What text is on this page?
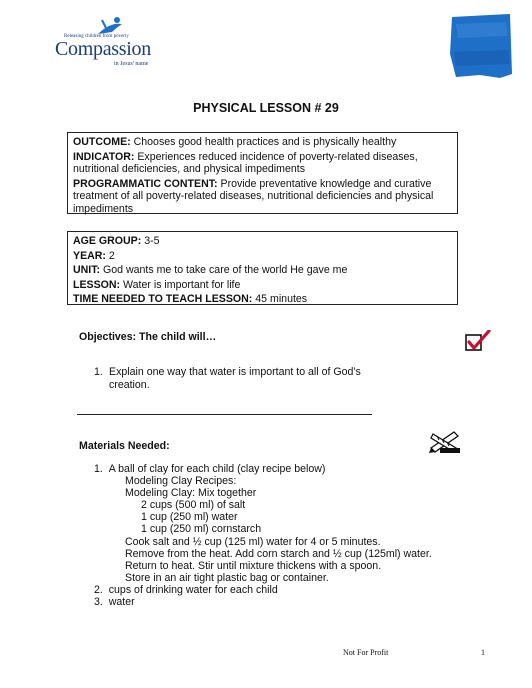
Releasing children from poverty
Compassion
in Jesus' name
PHYSICAL LESSON # 29

OUTCOME: Chooses good health practices and is physically healthy

INDICATOR: Experiences reduced incidence of poverty-related diseases, nutritional deficiencies, and physical impediments

PROGRAMMATIC CONTENT: Provide preventative knowledge and curative treatment of all poverty-related diseases, nutritional deficiencies and physical impediments

AGE GROUP: 3-5

YEAR: 2

UNIT: God wants me to take care of the world He gave me

LESSON: Water is important for life

TIME NEEDED TO TEACH LESSON: 45 minutes

Objectives: The child will…
1. Explain one way that water is important to all of God’s
creation.
Materials Needed:
1. A ball of clay for each child (clay recipe below)
Modeling Clay Recipes:
Modeling Clay: Mix together
2 cups (500 ml) of salt
1 cup (250 ml) water
1 cup (250 ml) cornstarch
Cook salt and ½ cup (125 ml) water for 4 or 5 minutes.
Remove from the heat. Add corn starch and ½ cup (125ml) water.
Return to heat. Stir until mixture thickens with a spoon.
Store in an air tight plastic bag or container.
2. cups of drinking water for each child
3. water
Not For Profit	1
